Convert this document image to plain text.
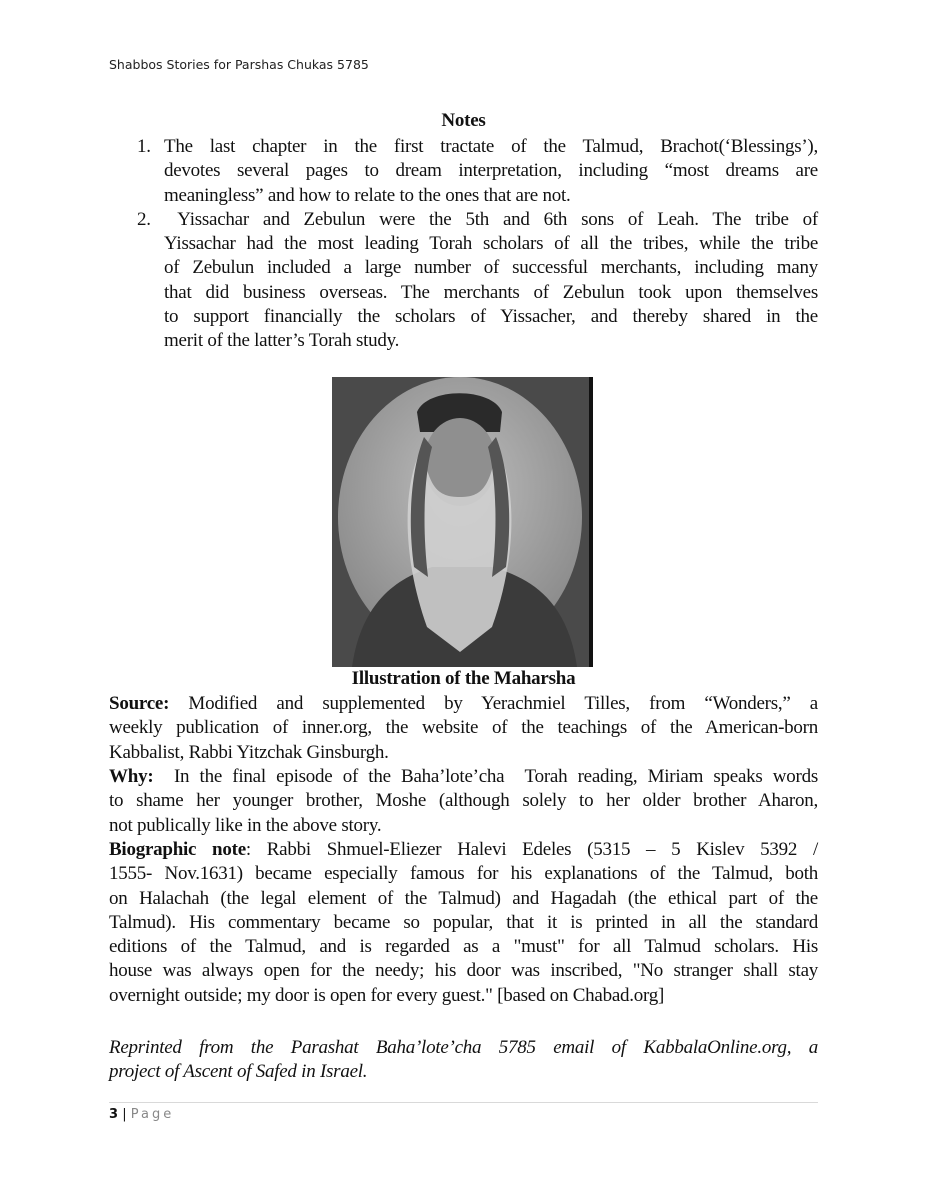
Shabbos Stories for Parshas Chukas 5785
Notes
1. The last chapter in the first tractate of the Talmud, Brachot(‘Blessings’),
devotes several pages to dream interpretation, including “most dreams are
meaningless” and how to relate to the ones that are not.
2. Yissachar and Zebulun were the 5th and 6th sons of Leah. The tribe of
Yissachar had the most leading Torah scholars of all the tribes, while the tribe
of Zebulun included a large number of successful merchants, including many
that did business overseas. The merchants of Zebulun took upon themselves
to support financially the scholars of Yissacher, and thereby shared in the
merit of the latter’s Torah study.
Illustration of the Maharsha
Source: Modified and supplemented by Yerachmiel Tilles, from “Wonders,” a
weekly publication of inner.org, the website of the teachings of the American-born
Kabbalist, Rabbi Yitzchak Ginsburgh.
Why:  In the final episode of the Baha’lote’cha  Torah reading, Miriam speaks words
to shame her younger brother, Moshe (although solely to her older brother Aharon,
not publically like in the above story.
Biographic note: Rabbi Shmuel-Eliezer Halevi Edeles (5315 – 5 Kislev 5392 /
1555- Nov.1631) became especially famous for his explanations of the Talmud, both
on Halachah (the legal element of the Talmud) and Hagadah (the ethical part of the
Talmud). His commentary became so popular, that it is printed in all the standard
editions of the Talmud, and is regarded as a "must" for all Talmud scholars. His
house was always open for the needy; his door was inscribed, "No stranger shall stay
overnight outside; my door is open for every guest." [based on Chabad.org]
Reprinted from the Parashat Baha’lote’cha 5785 email of KabbalaOnline.org, a
project of Ascent of Safed in Israel.
3 | Page
